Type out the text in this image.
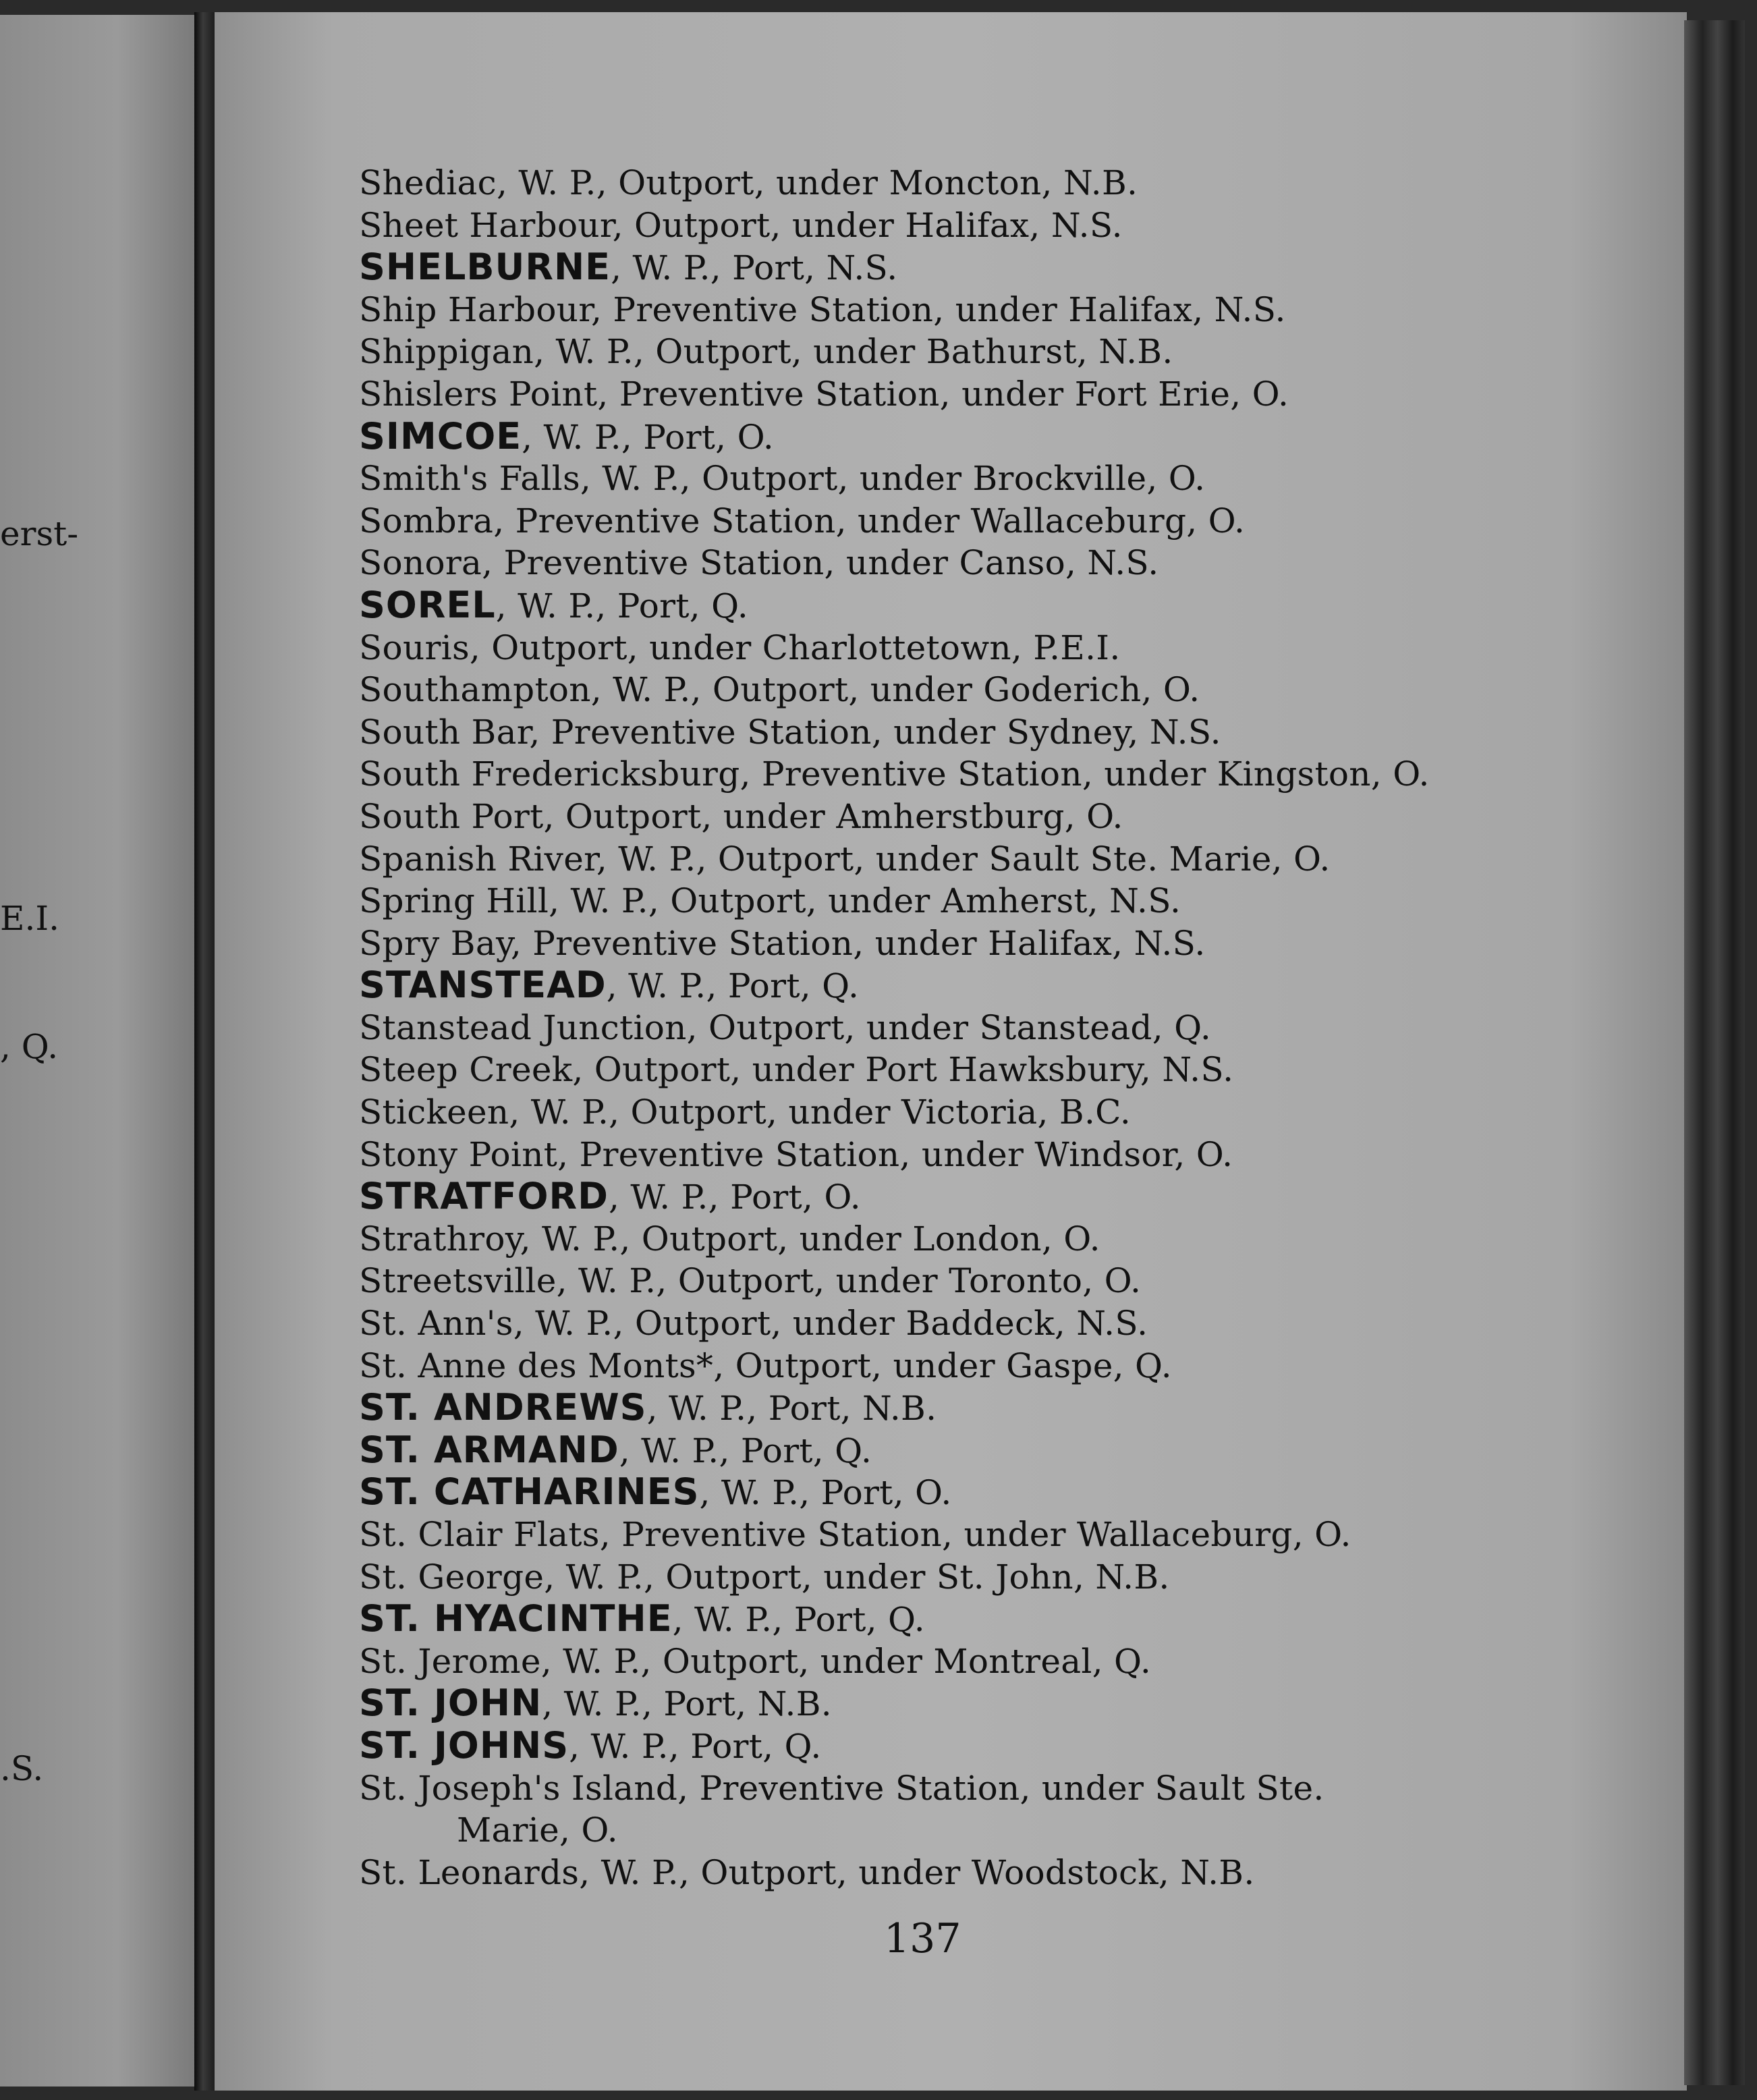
erst-
E.I.
, Q.
.S.
Shediac, W. P., Outport, under Moncton, N.B.
Sheet Harbour, Outport, under Halifax, N.S.
SHELBURNE, W. P., Port, N.S.
Ship Harbour, Preventive Station, under Halifax, N.S.
Shippigan, W. P., Outport, under Bathurst, N.B.
Shislers Point, Preventive Station, under Fort Erie, O.
SIMCOE, W. P., Port, O.
Smith's Falls, W. P., Outport, under Brockville, O.
Sombra, Preventive Station, under Wallaceburg, O.
Sonora, Preventive Station, under Canso, N.S.
SOREL, W. P., Port, Q.
Souris, Outport, under Charlottetown, P.E.I.
Southampton, W. P., Outport, under Goderich, O.
South Bar, Preventive Station, under Sydney, N.S.
South Fredericksburg, Preventive Station, under Kingston, O.
South Port, Outport, under Amherstburg, O.
Spanish River, W. P., Outport, under Sault Ste. Marie, O.
Spring Hill, W. P., Outport, under Amherst, N.S.
Spry Bay, Preventive Station, under Halifax, N.S.
STANSTEAD, W. P., Port, Q.
Stanstead Junction, Outport, under Stanstead, Q.
Steep Creek, Outport, under Port Hawksbury, N.S.
Stickeen, W. P., Outport, under Victoria, B.C.
Stony Point, Preventive Station, under Windsor, O.
STRATFORD, W. P., Port, O.
Strathroy, W. P., Outport, under London, O.
Streetsville, W. P., Outport, under Toronto, O.
St. Ann's, W. P., Outport, under Baddeck, N.S.
St. Anne des Monts*, Outport, under Gaspe, Q.
ST. ANDREWS, W. P., Port, N.B.
ST. ARMAND, W. P., Port, Q.
ST. CATHARINES, W. P., Port, O.
St. Clair Flats, Preventive Station, under Wallaceburg, O.
St. George, W. P., Outport, under St. John, N.B.
ST. HYACINTHE, W. P., Port, Q.
St. Jerome, W. P., Outport, under Montreal, Q.
ST. JOHN, W. P., Port, N.B.
ST. JOHNS, W. P., Port, Q.
St. Joseph's Island, Preventive Station, under Sault Ste.
Marie, O.
St. Leonards, W. P., Outport, under Woodstock, N.B.
137
